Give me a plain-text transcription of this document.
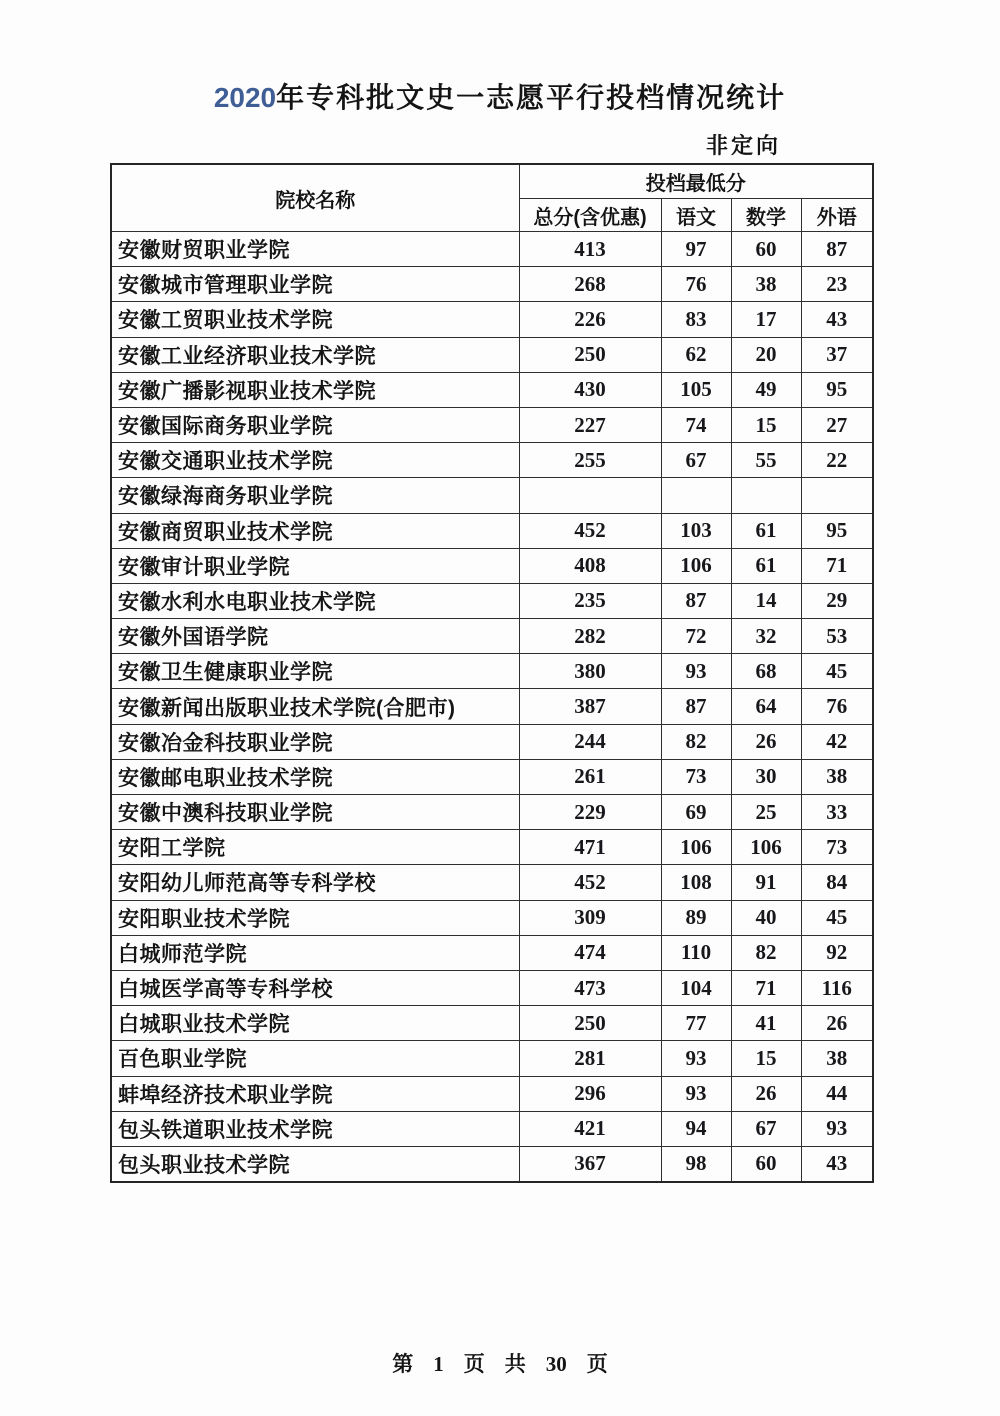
2020年专科批文史一志愿平行投档情况统计
非定向
院校名称	投档最低分			
	总分(含优惠)	语文	数学	外语
安徽财贸职业学院	413	97	60	87
安徽城市管理职业学院	268	76	38	23
安徽工贸职业技术学院	226	83	17	43
安徽工业经济职业技术学院	250	62	20	37
安徽广播影视职业技术学院	430	105	49	95
安徽国际商务职业学院	227	74	15	27
安徽交通职业技术学院	255	67	55	22
安徽绿海商务职业学院				
安徽商贸职业技术学院	452	103	61	95
安徽审计职业学院	408	106	61	71
安徽水利水电职业技术学院	235	87	14	29
安徽外国语学院	282	72	32	53
安徽卫生健康职业学院	380	93	68	45
安徽新闻出版职业技术学院(合肥市)	387	87	64	76
安徽冶金科技职业学院	244	82	26	42
安徽邮电职业技术学院	261	73	30	38
安徽中澳科技职业学院	229	69	25	33
安阳工学院	471	106	106	73
安阳幼儿师范高等专科学校	452	108	91	84
安阳职业技术学院	309	89	40	45
白城师范学院	474	110	82	92
白城医学高等专科学校	473	104	71	116
白城职业技术学院	250	77	41	26
百色职业学院	281	93	15	38
蚌埠经济技术职业学院	296	93	26	44
包头铁道职业技术学院	421	94	67	93
包头职业技术学院	367	98	60	43
第 1 页 共 30 页
